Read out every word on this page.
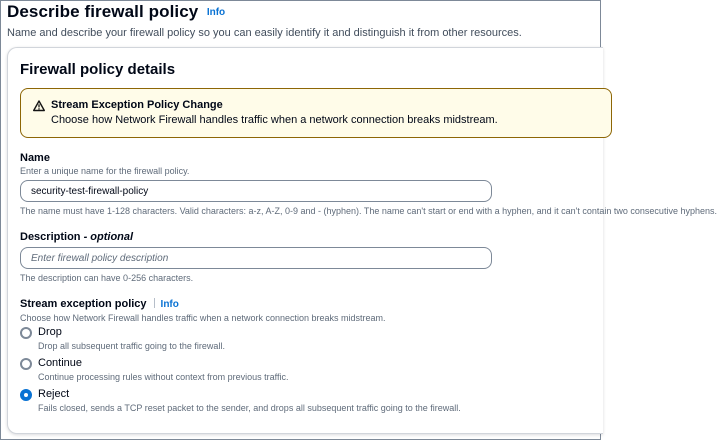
Describe firewall policy Info
Name and describe your firewall policy so you can easily identify it and distinguish it from other resources.
Firewall policy details
Stream Exception Policy Change
Choose how Network Firewall handles traffic when a network connection breaks midstream.
Name
Enter a unique name for the firewall policy.
security-test-firewall-policy
The name must have 1-128 characters. Valid characters: a-z, A-Z, 0-9 and - (hyphen). The name can't start or end with a hyphen, and it can't contain two consecutive hyphens.
Description - optional
Enter firewall policy description
The description can have 0-256 characters.
Stream exception policy Info
Choose how Network Firewall handles traffic when a network connection breaks midstream.
Drop
Drop all subsequent traffic going to the firewall.
Continue
Continue processing rules without context from previous traffic.
Reject
Fails closed, sends a TCP reset packet to the sender, and drops all subsequent traffic going to the firewall.
